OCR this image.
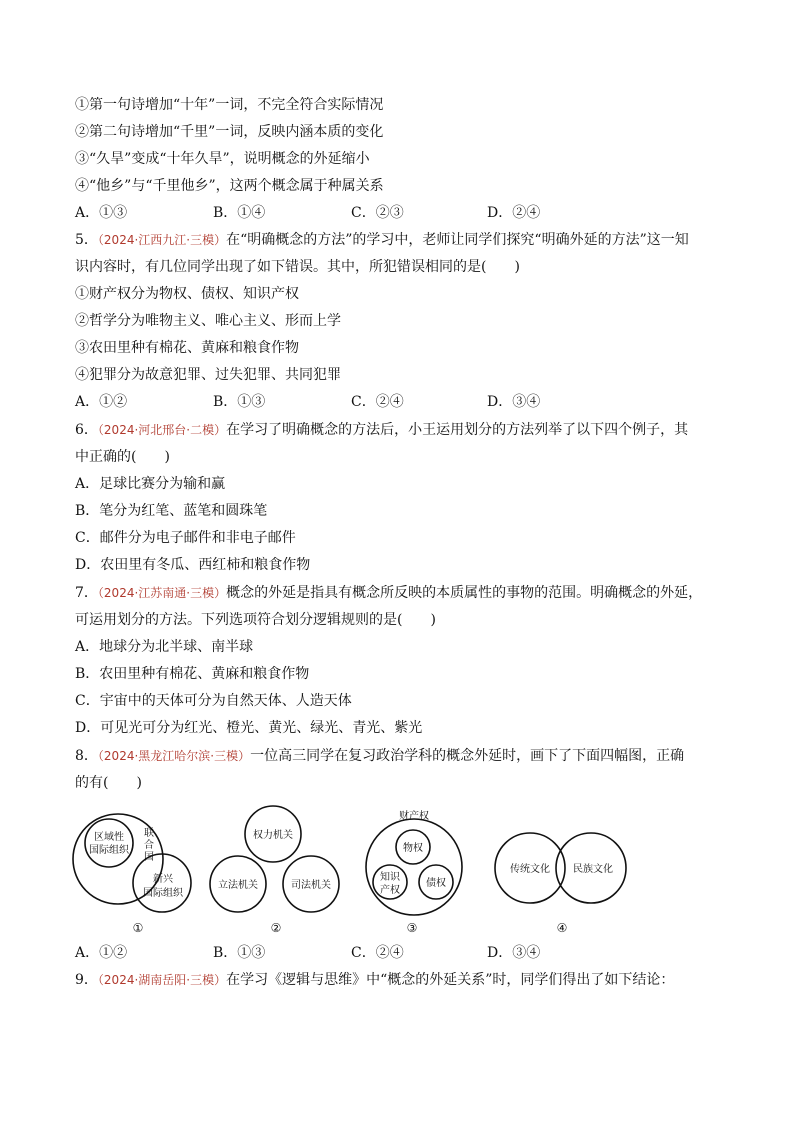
①第一句诗增加“十年”一词，不完全符合实际情况
②第二句诗增加“千里”一词，反映内涵本质的变化
③“久旱”变成“十年久旱”，说明概念的外延缩小
④“他乡”与“千里他乡”，这两个概念属于种属关系
A．①③	B．①④	C．②③	D．②④
5．（2024·江西九江·三模）在“明确概念的方法”的学习中，老师让同学们探究“明确外延的方法”这一知
识内容时，有几位同学出现了如下错误。其中，所犯错误相同的是(　　)
①财产权分为物权、债权、知识产权
②哲学分为唯物主义、唯心主义、形而上学
③农田里种有棉花、黄麻和粮食作物
④犯罪分为故意犯罪、过失犯罪、共同犯罪
A．①②	B．①③	C．②④	D．③④
6．（2024·河北邢台·二模）在学习了明确概念的方法后，小王运用划分的方法列举了以下四个例子，其
中正确的(　　)
A．足球比赛分为输和赢
B．笔分为红笔、蓝笔和圆珠笔
C．邮件分为电子邮件和非电子邮件
D．农田里有冬瓜、西红柿和粮食作物
7．（2024·江苏南通·三模）概念的外延是指具有概念所反映的本质属性的事物的范围。明确概念的外延，
可运用划分的方法。下列选项符合划分逻辑规则的是(　　)
A．地球分为北半球、南半球
B．农田里种有棉花、黄麻和粮食作物
C．宇宙中的天体可分为自然天体、人造天体
D．可见光可分为红光、橙光、黄光、绿光、青光、紫光
8．（2024·黑龙江哈尔滨·三模）一位高三同学在复习政治学科的概念外延时，画下了下面四幅图，正确
的有(　　)
区域性
国际组织
联
合
国
新兴
国际组织
①
权力机关
立法机关	司法机关
②
财产权
物权
知识
产权
债权
③
传统文化 民族文化
④
A．①②	B．①③	C．②④	D．③④
9．（2024·湖南岳阳·三模）在学习《逻辑与思维》中“概念的外延关系”时，同学们得出了如下结论：
